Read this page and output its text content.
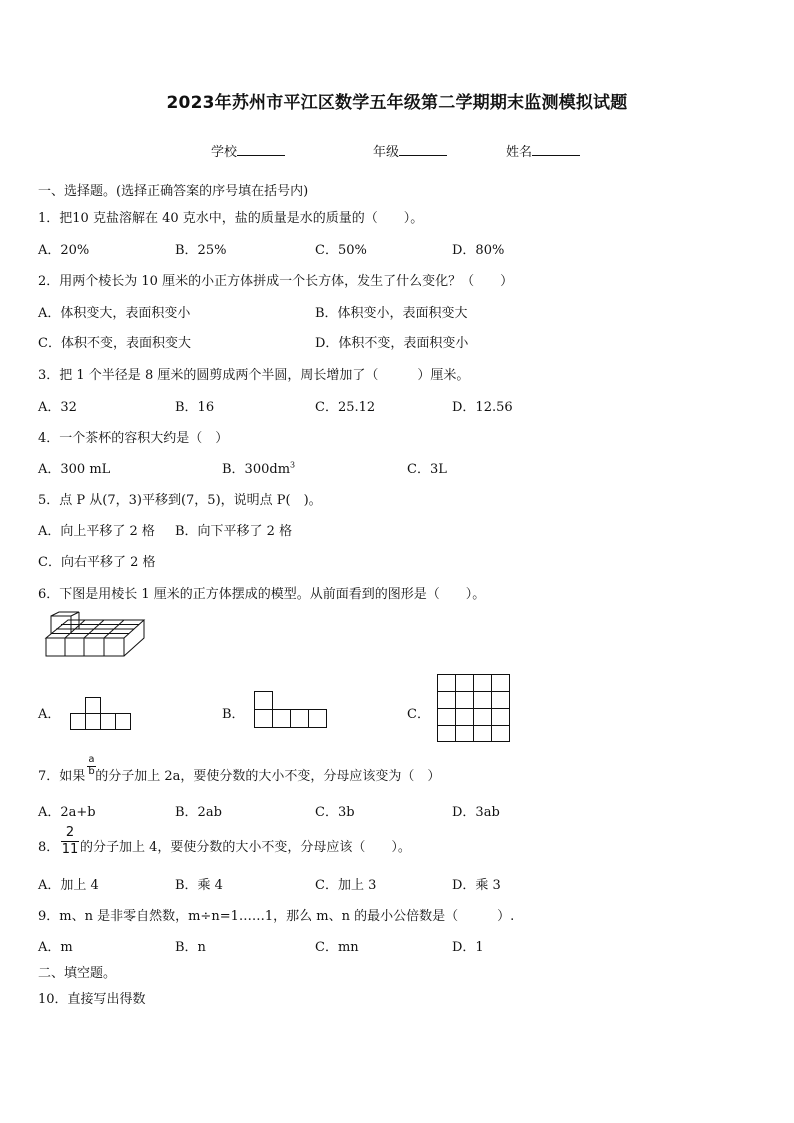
2023年苏州市平江区数学五年级第二学期期末监测模拟试题
学校	年级	姓名
一、选择题。(选择正确答案的序号填在括号内)
1．把10 克盐溶解在 40 克水中，盐的质量是水的质量的（　　）。
A．20%	B．25%	C．50%	D．80%
2．用两个棱长为 10 厘米的小正方体拼成一个长方体，发生了什么变化？（　　）
A．体积变大，表面积变小	B．体积变小，表面积变大
C．体积不变，表面积变大	D．体积不变，表面积变小
3．把 1 个半径是 8 厘米的圆剪成两个半圆，周长增加了（　　　）厘米。
A．32	B．16	C．25.12	D．12.56
4．一个茶杯的容积大约是（　）
A．300 mL	B．$300dm^3$	C．3L
5．点 P 从(7，3)平移到(7，5)，说明点 P(　)。
A．向上平移了 2 格 B．向下平移了 2 格
C．向右平移了 2 格
6．下图是用棱长 1 厘米的正方体摆成的模型。从前面看到的图形是（　　）。
A．	B．	C．
7．如果 的分子加上 2a，要使分数的大小不变，分母应该变为（　）
a
b
A．2a+b	B．2ab	C．3b	D．3ab
8．
2
11 的分子加上 4，要使分数的大小不变，分母应该（　　）。
A．加上 4	B．乘 4	C．加上 3	D．乘 3
9．m、n 是非零自然数，m÷n=1……1，那么 m、n 的最小公倍数是（　　　）.
A．m	B．n	C．mn	D．1
二、填空题。
10．直接写出得数
